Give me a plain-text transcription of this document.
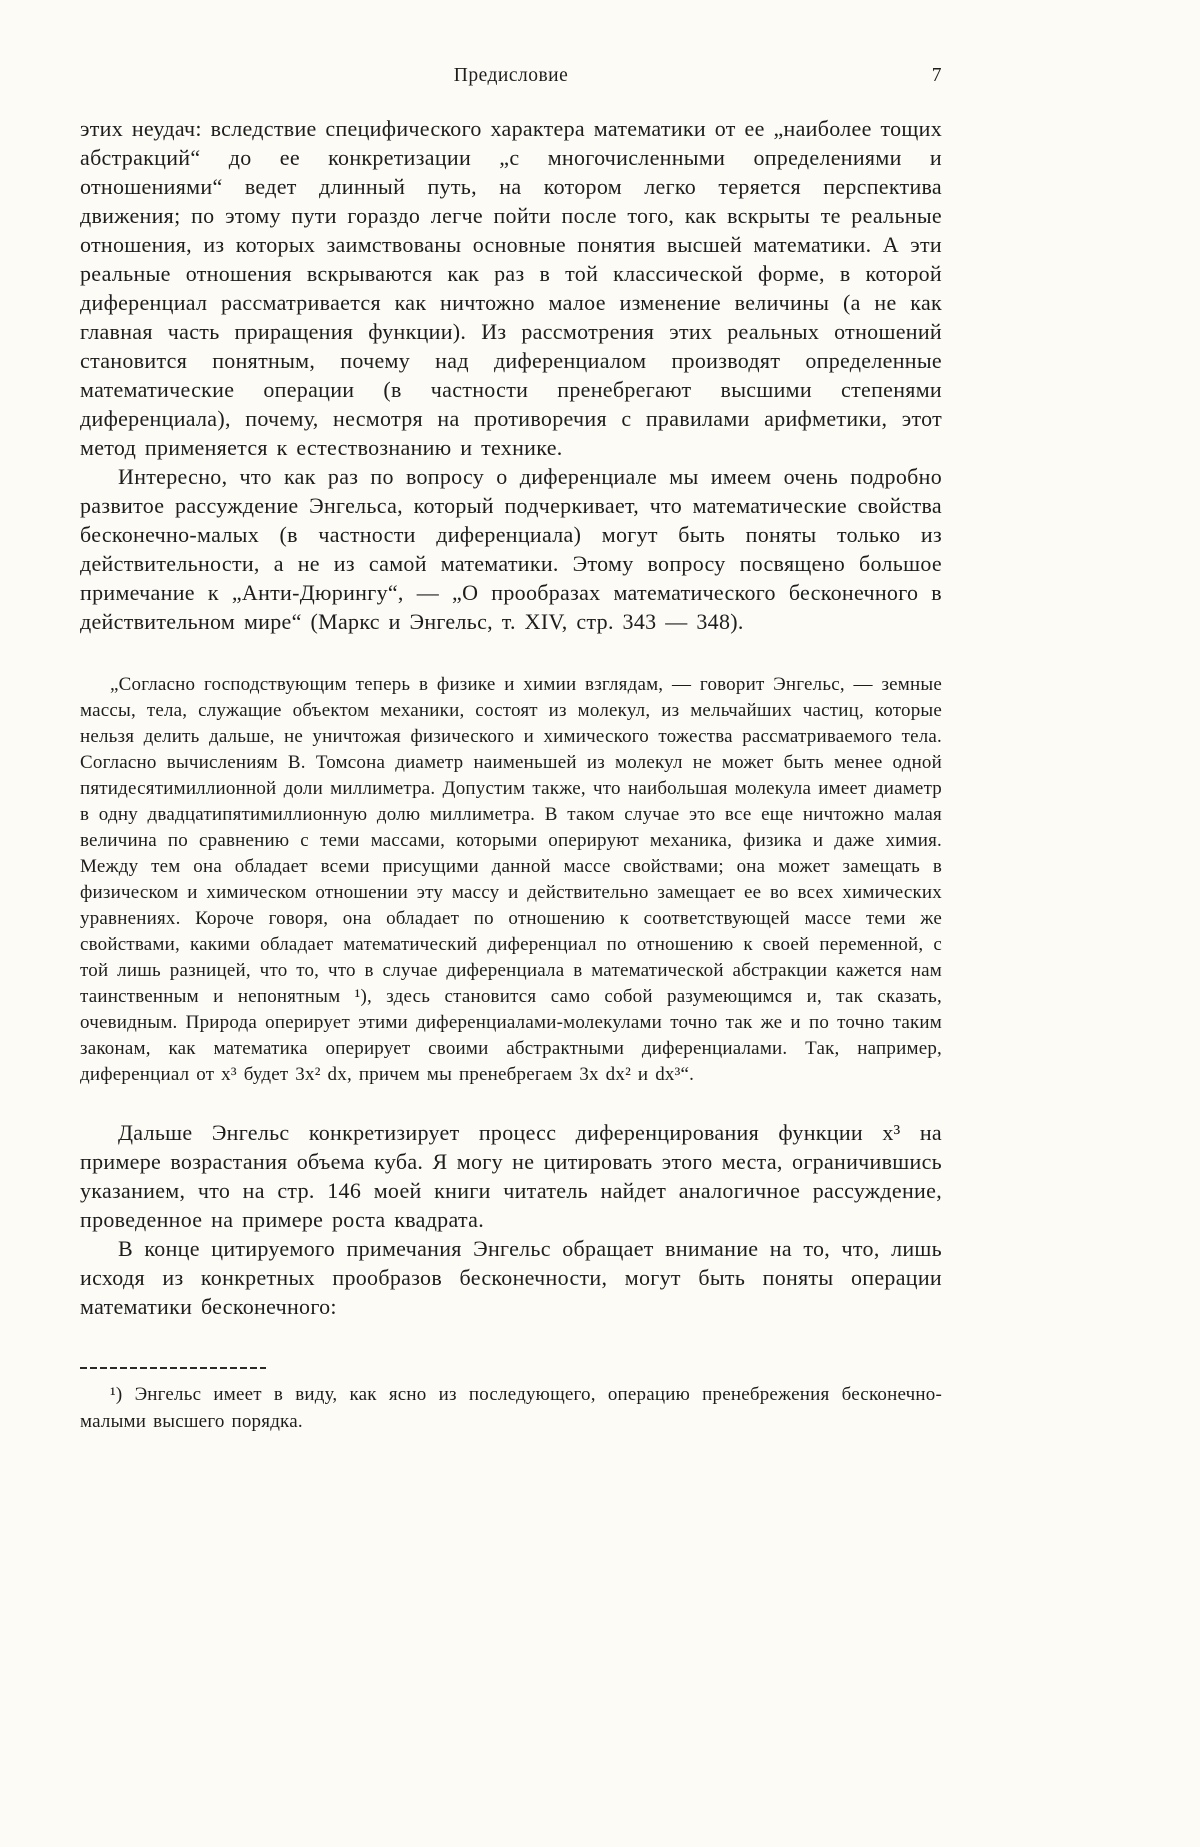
Предисловие	7

этих неудач: вследствие специфического характера математики от ее „наиболее тощих абстракций“ до ее конкретизации „с многочисленными определениями и отношениями“ ведет длинный путь, на котором легко теряется перспектива движения; по этому пути гораздо легче пойти после того, как вскрыты те реальные отношения, из которых заимствованы основные понятия высшей математики. А эти реальные отношения вскрываются как раз в той классической форме, в которой диференциал рассматривается как ничтожно малое изменение величины (а не как главная часть приращения функции). Из рассмотрения этих реальных отношений становится понятным, почему над диференциалом производят определенные математические операции (в частности пренебрегают высшими степенями диференциала), почему, несмотря на противоречия с правилами арифметики, этот метод применяется к естествознанию и технике.

Интересно, что как раз по вопросу о диференциале мы имеем очень подробно развитое рассуждение Энгельса, который подчеркивает, что математические свойства бесконечно-малых (в частности диференциала) могут быть поняты только из действительности, а не из самой математики. Этому вопросу посвящено большое примечание к „Анти-Дюрингу“, — „О прообразах математического бесконечного в действительном мире“ (Маркс и Энгельс, т. XIV, стр. 343 — 348).

„Согласно господствующим теперь в физике и химии взглядам, — говорит Энгельс, — земные массы, тела, служащие объектом механики, состоят из молекул, из мельчайших частиц, которые нельзя делить дальше, не уничтожая физического и химического тожества рассматриваемого тела. Согласно вычислениям В. Томсона диаметр наименьшей из молекул не может быть менее одной пятидесятимиллионной доли миллиметра. Допустим также, что наибольшая молекула имеет диаметр в одну двадцатипятимиллионную долю миллиметра. В таком случае это все еще ничтожно малая величина по сравнению с теми массами, которыми оперируют механика, физика и даже химия. Между тем она обладает всеми присущими данной массе свойствами; она может замещать в физическом и химическом отношении эту массу и действительно замещает ее во всех химических уравнениях. Короче говоря, она обладает по отношению к соответствующей массе теми же свойствами, какими обладает математический диференциал по отношению к своей переменной, с той лишь разницей, что то, что в случае диференциала в математической абстракции кажется нам таинственным и непонятным ¹), здесь становится само собой разумеющимся и, так сказать, очевидным. Природа оперирует этими диференциалами-молекулами точно так же и по точно таким законам, как математика оперирует своими абстрактными диференциалами. Так, например, диференциал от x³ будет 3x² dx, причем мы пренебрегаем 3x dx² и dx³“.

Дальше Энгельс конкретизирует процесс диференцирования функции x³ на примере возрастания объема куба. Я могу не цитировать этого места, ограничившись указанием, что на стр. 146 моей книги читатель найдет аналогичное рассуждение, проведенное на примере роста квадрата.

В конце цитируемого примечания Энгельс обращает внимание на то, что, лишь исходя из конкретных прообразов бесконечности, могут быть поняты операции математики бесконечного:

¹) Энгельс имеет в виду, как ясно из последующего, операцию пренебрежения бесконечно-малыми высшего порядка.
